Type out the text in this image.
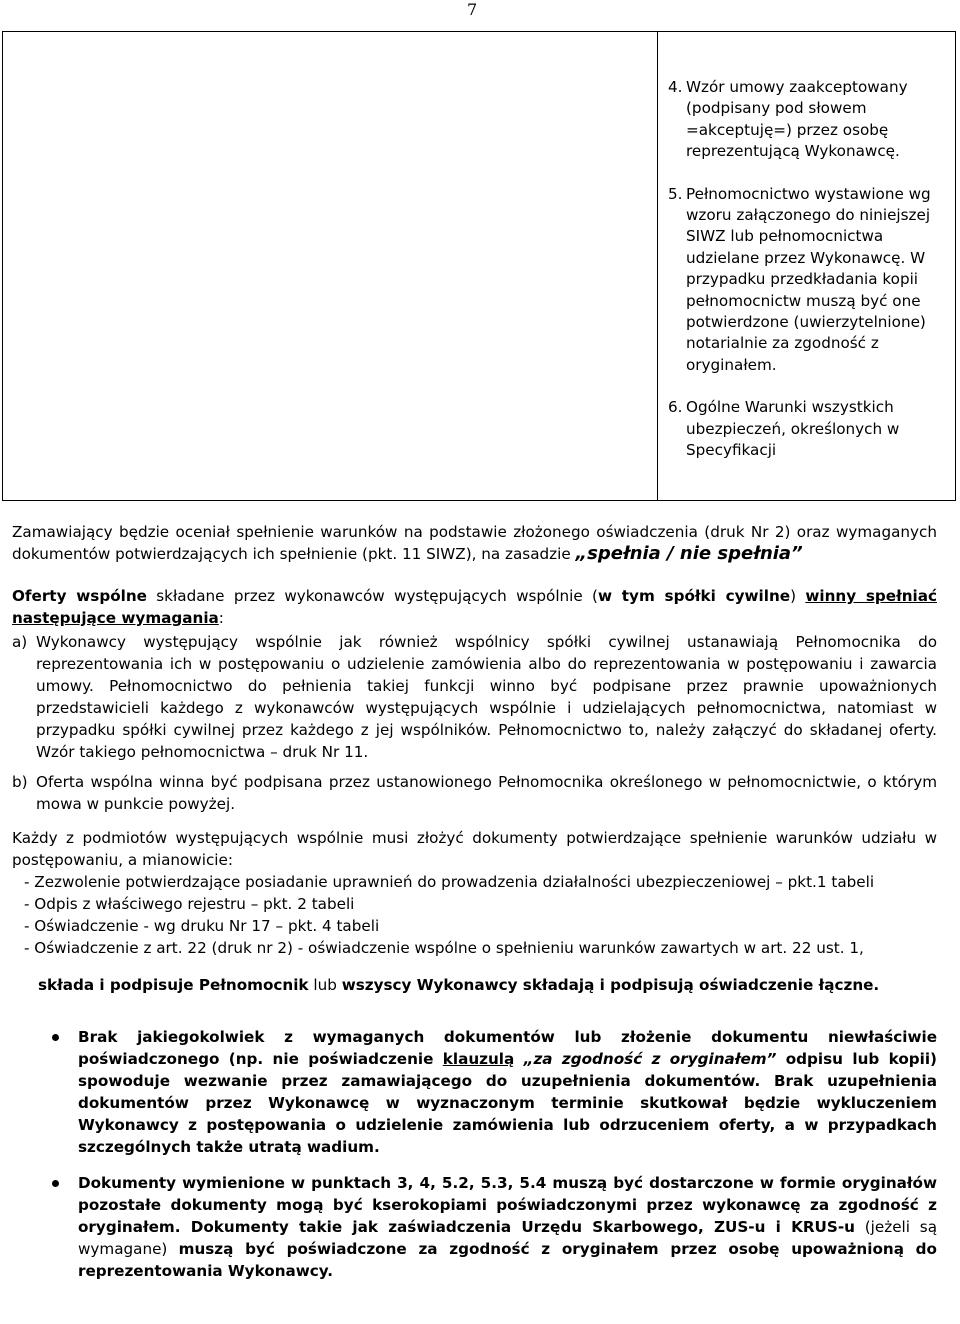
7
4. Wzór umowy zaakceptowany (podpisany pod słowem =akceptuję=) przez osobę reprezentującą Wykonawcę.
5. Pełnomocnictwo wystawione wg wzoru załączonego do niniejszej SIWZ lub pełnomocnictwa udzielane przez Wykonawcę. W przypadku przedkładania kopii pełnomocnictw muszą być one potwierdzone (uwierzytelnione) notarialnie za zgodność z oryginałem.
6. Ogólne Warunki wszystkich ubezpieczeń, określonych w Specyfikacji

Zamawiający będzie oceniał spełnienie warunków na podstawie złożonego oświadczenia (druk Nr 2) oraz wymaganych dokumentów potwierdzających ich spełnienie (pkt. 11 SIWZ), na zasadzie „spełnia / nie spełnia”

Oferty wspólne składane przez wykonawców występujących wspólnie (w tym spółki cywilne) winny spełniać następujące wymagania:

a) Wykonawcy występujący wspólnie jak również wspólnicy spółki cywilnej ustanawiają Pełnomocnika do reprezentowania ich w postępowaniu o udzielenie zamówienia albo do reprezentowania w postępowaniu i zawarcia umowy. Pełnomocnictwo do pełnienia takiej funkcji winno być podpisane przez prawnie upoważnionych przedstawicieli każdego z wykonawców występujących wspólnie i udzielających pełnomocnictwa, natomiast w przypadku spółki cywilnej przez każdego z jej wspólników. Pełnomocnictwo to, należy załączyć do składanej oferty. Wzór takiego pełnomocnictwa – druk Nr 11.
b) Oferta wspólna winna być podpisana przez ustanowionego Pełnomocnika określonego w pełnomocnictwie, o którym mowa w punkcie powyżej.

Każdy z podmiotów występujących wspólnie musi złożyć dokumenty potwierdzające spełnienie warunków udziału w postępowaniu, a mianowicie:

- Zezwolenie potwierdzające posiadanie uprawnień do prowadzenia działalności ubezpieczeniowej – pkt.1 tabeli

- Odpis z właściwego rejestru – pkt. 2 tabeli

- Oświadczenie - wg druku Nr 17 – pkt. 4 tabeli

- Oświadczenie z art. 22 (druk nr 2) - oświadczenie wspólne o spełnieniu warunków zawartych w art. 22 ust. 1,

składa i podpisuje Pełnomocnik lub wszyscy Wykonawcy składają i podpisują oświadczenie łączne.

Brak jakiegokolwiek z wymaganych dokumentów lub złożenie dokumentu niewłaściwie poświadczonego (np. nie poświadczenie klauzulą „za zgodność z oryginałem” odpisu lub kopii) spowoduje wezwanie przez zamawiającego do uzupełnienia dokumentów. Brak uzupełnienia dokumentów przez Wykonawcę w wyznaczonym terminie skutkował będzie wykluczeniem Wykonawcy z postępowania o udzielenie zamówienia lub odrzuceniem oferty, a w przypadkach szczególnych także utratą wadium.
Dokumenty wymienione w punktach 3, 4, 5.2, 5.3, 5.4 muszą być dostarczone w formie oryginałów pozostałe dokumenty mogą być kserokopiami poświadczonymi przez wykonawcę za zgodność z oryginałem. Dokumenty takie jak zaświadczenia Urzędu Skarbowego, ZUS-u i KRUS-u (jeżeli są wymagane) muszą być poświadczone za zgodność z oryginałem przez osobę upoważnioną do reprezentowania Wykonawcy.
